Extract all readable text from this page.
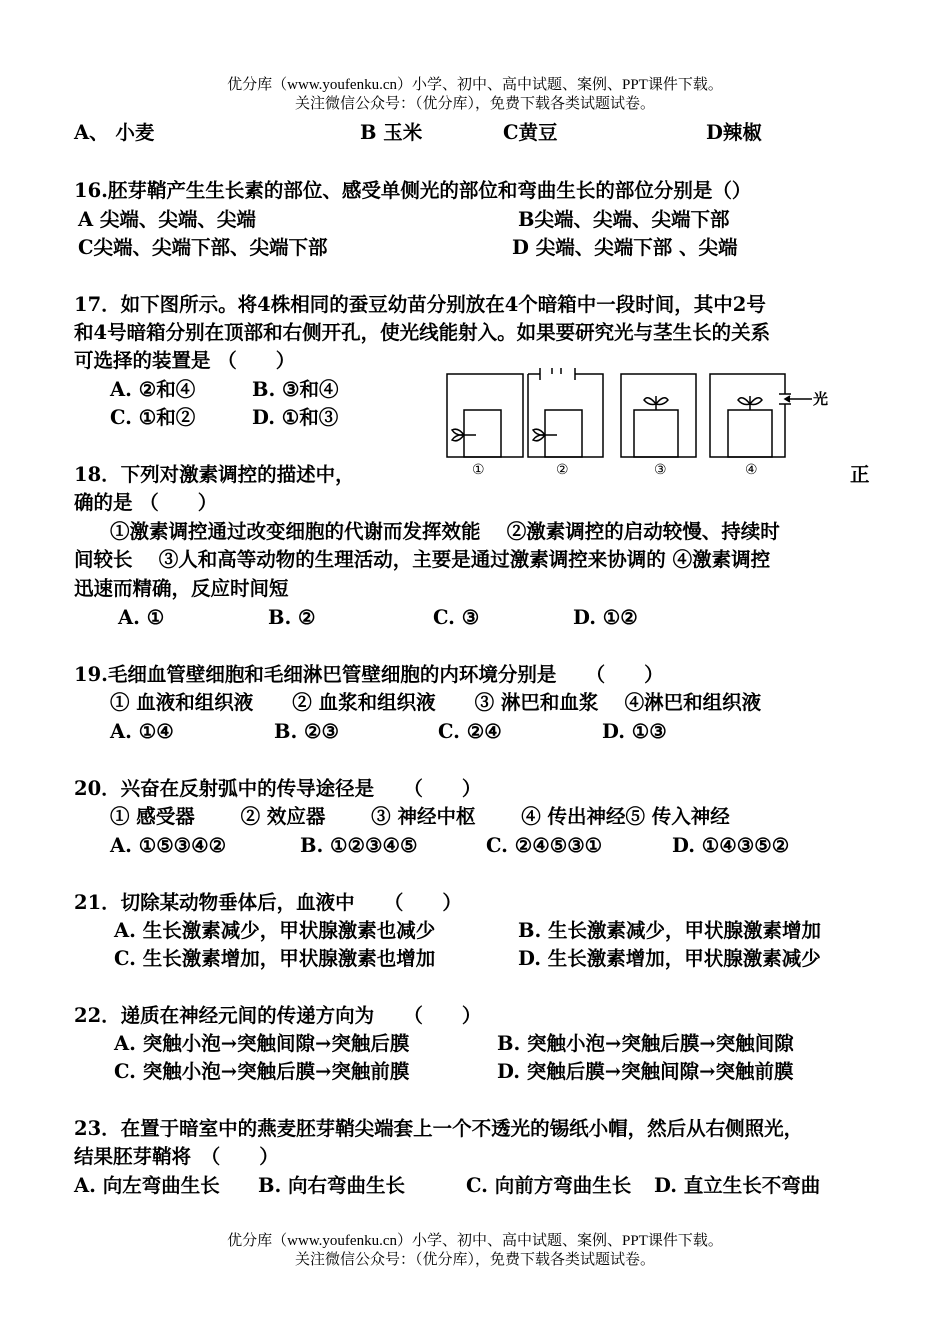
优分库（www.youfenku.cn）小学、初中、高中试题、案例、PPT课件下载。
关注微信公众号：（优分库），免费下载各类试题试卷。
A、 小麦	B 玉米	C黄豆	D辣椒
16.胚芽鞘产生生长素的部位、感受单侧光的部位和弯曲生长的部位分别是（）
A 尖端、尖端、尖端	B尖端、尖端、尖端下部
C尖端、尖端下部、尖端下部	D 尖端、尖端下部 、尖端
17．如下图所示。将4株相同的蚕豆幼苗分别放在4个暗箱中一段时间，其中2号
和4号暗箱分别在顶部和右侧开孔，使光线能射入。如果要研究光与茎生长的关系
可选择的装置是 （　　）
A. ②和④	B. ③和④
C. ①和②	D. ①和③
光
①	②	③	④
18．下列对激素调控的描述中，	正
确的是 （　　）
①激素调控通过改变细胞的代谢而发挥效能　 ②激素调控的启动较慢、持续时
间较长　 ③人和高等动物的生理活动，主要是通过激素调控来协调的 ④激素调控
迅速而精确，反应时间短
A. ①	B. ②	C. ③	D. ①②
19.毛细血管壁细胞和毛细淋巴管壁细胞的内环境分别是　　（　　）
① 血液和组织液　　② 血浆和组织液　　③ 淋巴和血浆　 ④淋巴和组织液
A. ①④	B. ②③	C. ②④	D. ①③
20．兴奋在反射弧中的传导途径是　　（　　）
① 感受器　　 ② 效应器　　 ③ 神经中枢　　 ④ 传出神经⑤ 传入神经
A. ①⑤③④②	B. ①②③④⑤	C. ②④⑤③①	D. ①④③⑤②
21．切除某动物垂体后，血液中　　（　　）
A. 生长激素减少，甲状腺激素也减少	B. 生长激素减少，甲状腺激素增加
C. 生长激素增加，甲状腺激素也增加	D. 生长激素增加，甲状腺激素减少
22．递质在神经元间的传递方向为　　（　　）
A. 突触小泡→突触间隙→突触后膜	B. 突触小泡→突触后膜→突触间隙
C. 突触小泡→突触后膜→突触前膜	D. 突触后膜→突触间隙→突触前膜
23．在置于暗室中的燕麦胚芽鞘尖端套上一个不透光的锡纸小帽，然后从右侧照光，
结果胚芽鞘将　（　　）
A. 向左弯曲生长 B. 向右弯曲生长	C. 向前方弯曲生长 D. 直立生长不弯曲
优分库（www.youfenku.cn）小学、初中、高中试题、案例、PPT课件下载。
关注微信公众号：（优分库），免费下载各类试题试卷。
